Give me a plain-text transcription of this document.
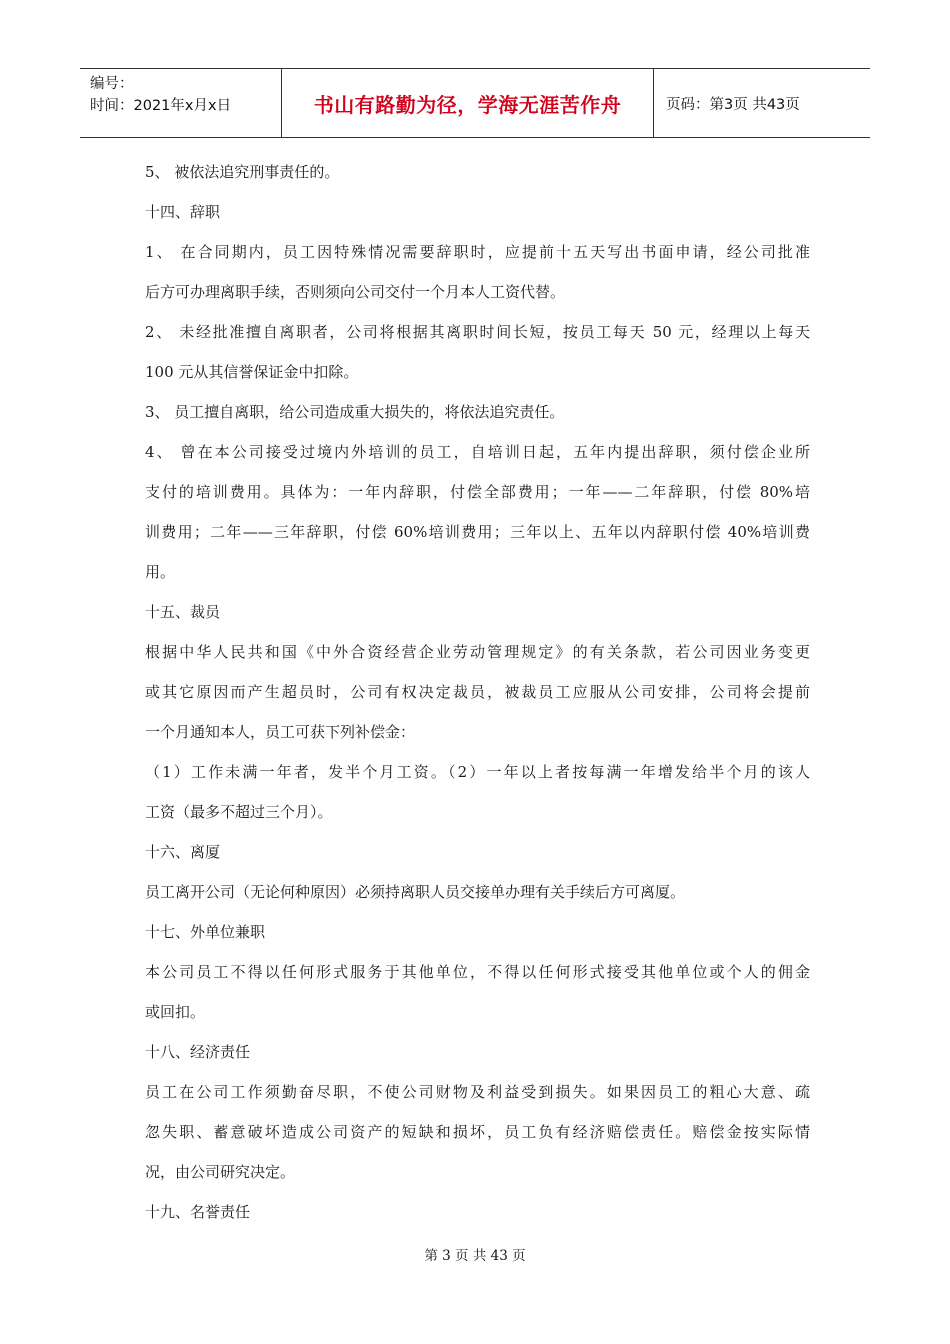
编号：
时间：2021年x月x日	书山有路勤为径，学海无涯苦作舟	页码：第3页 共43页

5、 被依法追究刑事责任的。

十四、辞职

1、 在合同期内，员工因特殊情况需要辞职时，应提前十五天写出书面申请，经公司批准

后方可办理离职手续，否则须向公司交付一个月本人工资代替。

2、 未经批准擅自离职者，公司将根据其离职时间长短，按员工每天 50 元，经理以上每天

100 元从其信誉保证金中扣除。

3、 员工擅自离职，给公司造成重大损失的，将依法追究责任。

4、 曾在本公司接受过境内外培训的员工，自培训日起，五年内提出辞职，须付偿企业所

支付的培训费用。具体为：一年内辞职，付偿全部费用；一年——二年辞职，付偿 80%培

训费用；二年——三年辞职，付偿 60%培训费用；三年以上、五年以内辞职付偿 40%培训费

用。

十五、裁员

根据中华人民共和国《中外合资经营企业劳动管理规定》的有关条款，若公司因业务变更

或其它原因而产生超员时，公司有权决定裁员，被裁员工应服从公司安排，公司将会提前

一个月通知本人，员工可获下列补偿金：

（1）工作未满一年者，发半个月工资。（2）一年以上者按每满一年增发给半个月的该人

工资（最多不超过三个月）。

十六、离厦

员工离开公司（无论何种原因）必须持离职人员交接单办理有关手续后方可离厦。

十七、外单位兼职

本公司员工不得以任何形式服务于其他单位，不得以任何形式接受其他单位或个人的佣金

或回扣。

十八、经济责任

员工在公司工作须勤奋尽职，不使公司财物及利益受到损失。如果因员工的粗心大意、疏

忽失职、蓄意破坏造成公司资产的短缺和损坏，员工负有经济赔偿责任。赔偿金按实际情

况，由公司研究决定。

十九、名誉责任

第 3 页 共 43 页
